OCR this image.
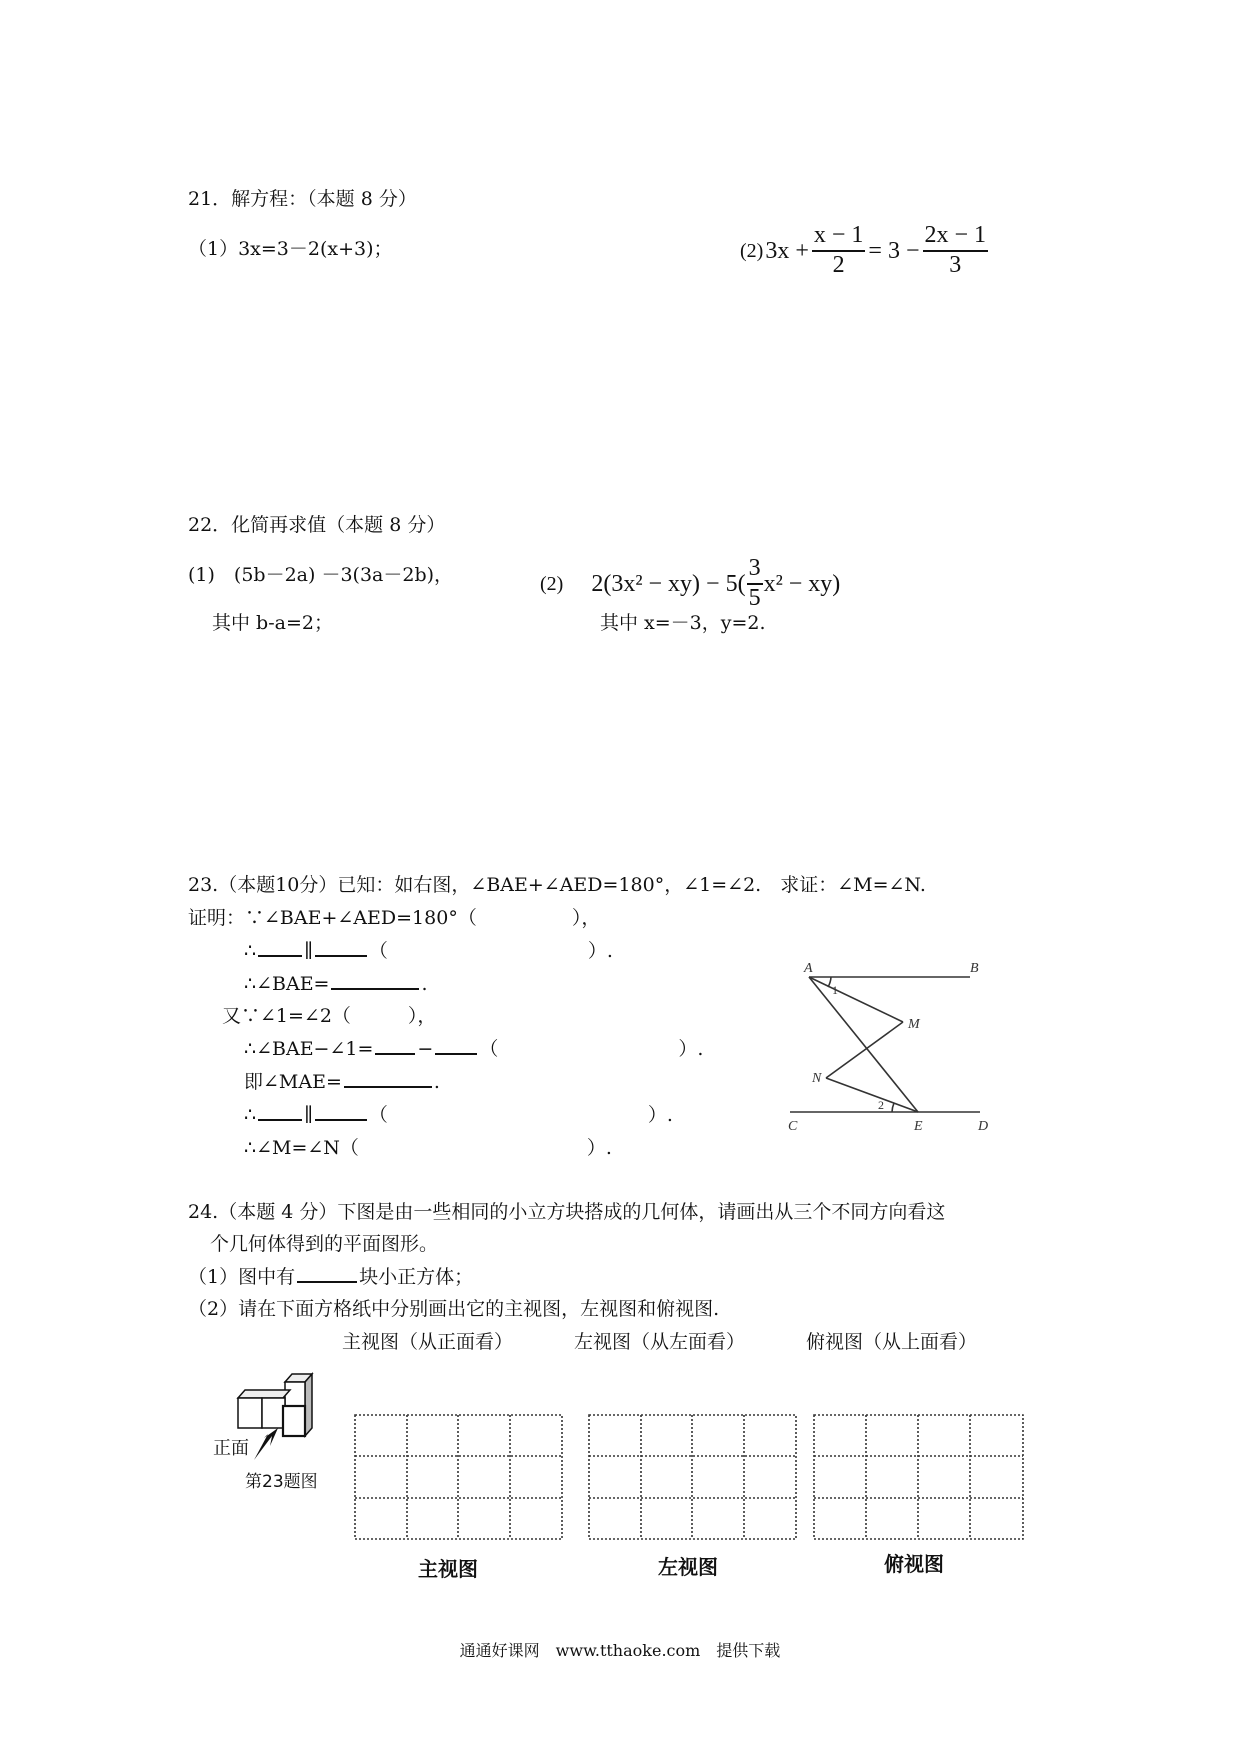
21．解方程：（本题 8 分）
（1）3x=3－2(x+3)；	(2) $3x + \frac{x - 1}{2} = 3 - \frac{2x - 1}{3}$
22．化简再求值（本题 8 分）
(1)　(5b－2a) －3(3a－2b)，
其中 b-a=2；
(2) $2(3x^2 - xy) - 5( \frac{3}{5} x^2 - xy)$
其中 x=－3，y=2.
23.（本题10分）已知：如右图，∠BAE+∠AED=180°，∠1=∠2.　求证：∠M=∠N.
证明：∵∠BAE+∠AED=180°（　　　　　），
∴	∥	（	）.
∴∠BAE=	.
又∵∠1=∠2（　　　），
∴∠BAE−∠1= − （	）.
即∠MAE=	.
∴	∥	（	）.
∴∠M=∠N（　　　　　　　　　　　　）.
A	B
M
N
C	E	D
1
2
24.（本题 4 分）下图是由一些相同的小立方块搭成的几何体，请画出从三个不同方向看这
个几何体得到的平面图形。
（1）图中有	块小正方体；
（2）请在下面方格纸中分别画出它的主视图，左视图和俯视图.
主视图（从正面看）	左视图（从左面看）	俯视图（从上面看）
正面
第23题图
主视图	左视图	俯视图
通通好课网　www.tthaoke.com　提供下载
